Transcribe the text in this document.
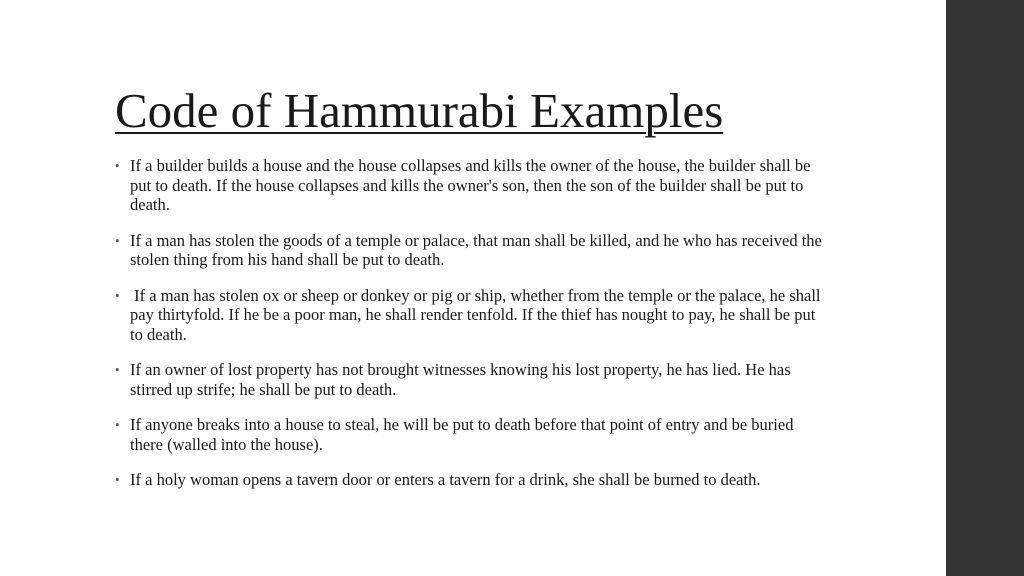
Code of Hammurabi Examples
• If a builder builds a house and the house collapses and kills the owner of the house, the builder shall be put to death. If the house collapses and kills the owner's son, then the son of the builder shall be put to death.
• If a man has stolen the goods of a temple or palace, that man shall be killed, and he who has received the stolen thing from his hand shall be put to death.
• If a man has stolen ox or sheep or donkey or pig or ship, whether from the temple or the palace, he shall pay thirtyfold. If he be a poor man, he shall render tenfold. If the thief has nought to pay, he shall be put to death.
• If an owner of lost property has not brought witnesses knowing his lost property, he has lied. He has stirred up strife; he shall be put to death.
• If anyone breaks into a house to steal, he will be put to death before that point of entry and be buried there (walled into the house).
• If a holy woman opens a tavern door or enters a tavern for a drink, she shall be burned to death.
